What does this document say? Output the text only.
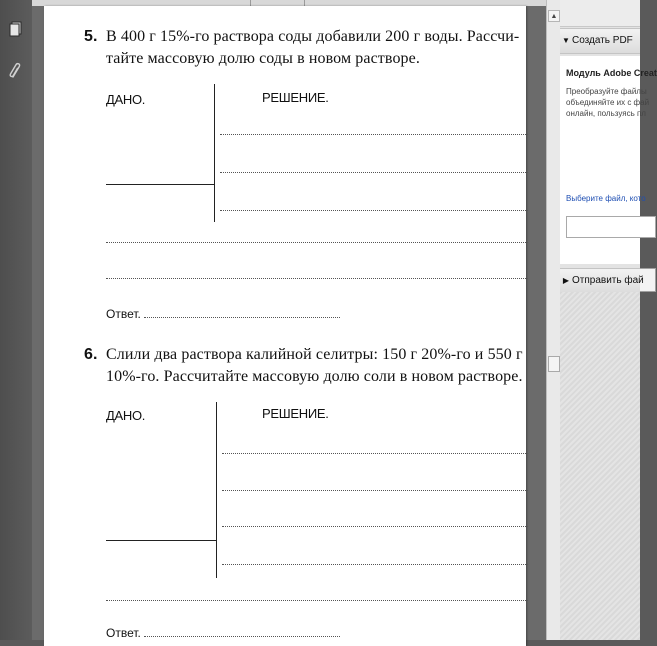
5. В 400 г 15%-го раствора соды добавили 200 г воды. Рассчи-
тайте массовую долю соды в новом растворе.
ДАНО.	РЕШЕНИЕ.
Ответ.
6. Слили два раствора калийной селитры: 150 г 20%-го и 550 г
10%-го. Рассчитайте массовую долю соли в новом растворе.
ДАНО.	РЕШЕНИЕ.
Ответ.
▲
▼ Создать PDF
Модуль Adobe Creat
Преобразуйте файлы
объединяйте их с фай
онлайн, пользуясь пл
Выберите файл, кото
▶ Отправить фай
